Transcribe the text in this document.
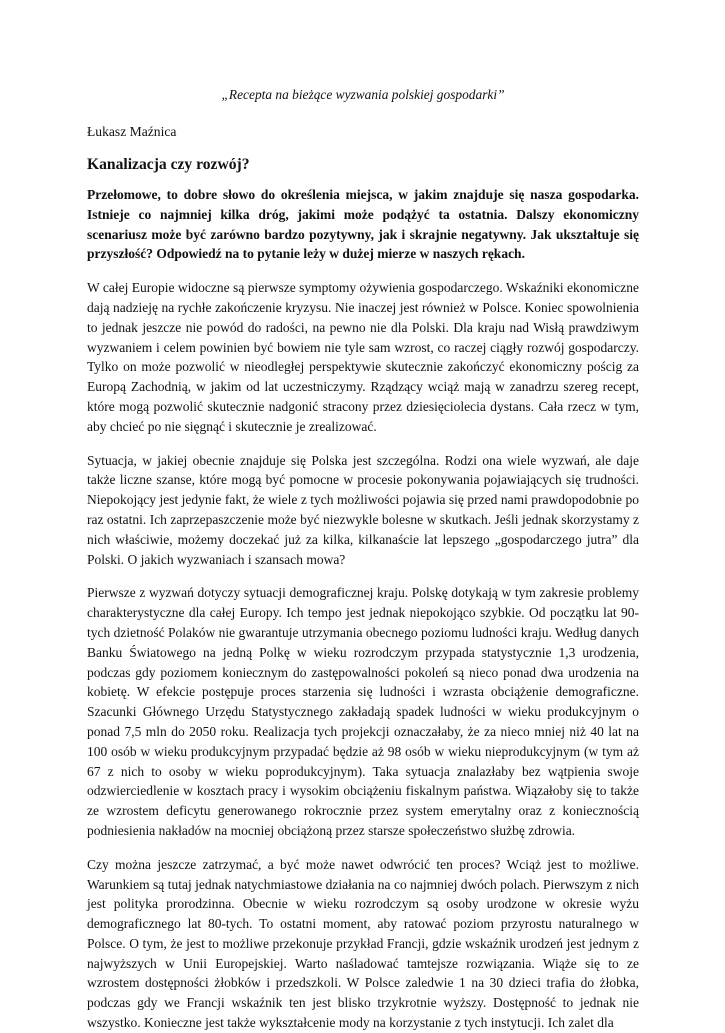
„Recepta na bieżące wyzwania polskiej gospodarki”

Łukasz Maźnica

Kanalizacja czy rozwój?

Przełomowe, to dobre słowo do określenia miejsca, w jakim znajduje się nasza gospodarka. Istnieje co najmniej kilka dróg, jakimi może podążyć ta ostatnia. Dalszy ekonomiczny scenariusz może być zarówno bardzo pozytywny, jak i skrajnie negatywny. Jak ukształtuje się przyszłość? Odpowiedź na to pytanie leży w dużej mierze w naszych rękach.

W całej Europie widoczne są pierwsze symptomy ożywienia gospodarczego. Wskaźniki ekonomiczne dają nadzieję na rychłe zakończenie kryzysu. Nie inaczej jest również w Polsce. Koniec spowolnienia to jednak jeszcze nie powód do radości, na pewno nie dla Polski. Dla kraju nad Wisłą prawdziwym wyzwaniem i celem powinien być bowiem nie tyle sam wzrost, co raczej ciągły rozwój gospodarczy. Tylko on może pozwolić w nieodległej perspektywie skutecznie zakończyć ekonomiczny pościg za Europą Zachodnią, w jakim od lat uczestniczymy. Rządzący wciąż mają w zanadrzu szereg recept, które mogą pozwolić skutecznie nadgonić stracony przez dziesięciolecia dystans. Cała rzecz w tym, aby chcieć po nie sięgnąć i skutecznie je zrealizować.

Sytuacja, w jakiej obecnie znajduje się Polska jest szczególna. Rodzi ona wiele wyzwań, ale daje także liczne szanse, które mogą być pomocne w procesie pokonywania pojawiających się trudności. Niepokojący jest jedynie fakt, że wiele z tych możliwości pojawia się przed nami prawdopodobnie po raz ostatni. Ich zaprzepaszczenie może być niezwykle bolesne w skutkach. Jeśli jednak skorzystamy z nich właściwie, możemy doczekać już za kilka, kilkanaście lat lepszego „gospodarczego jutra” dla Polski. O jakich wyzwaniach i szansach mowa?

Pierwsze z wyzwań dotyczy sytuacji demograficznej kraju. Polskę dotykają w tym zakresie problemy charakterystyczne dla całej Europy. Ich tempo jest jednak niepokojąco szybkie. Od początku lat 90-tych dzietność Polaków nie gwarantuje utrzymania obecnego poziomu ludności kraju. Według danych Banku Światowego na jedną Polkę w wieku rozrodczym przypada statystycznie 1,3 urodzenia, podczas gdy poziomem koniecznym do zastępowalności pokoleń są nieco ponad dwa urodzenia na kobietę. W efekcie postępuje proces starzenia się ludności i wzrasta obciążenie demograficzne. Szacunki Głównego Urzędu Statystycznego zakładają spadek ludności w wieku produkcyjnym o ponad 7,5 mln do 2050 roku. Realizacja tych projekcji oznaczałaby, że za nieco mniej niż 40 lat na 100 osób w wieku produkcyjnym przypadać będzie aż 98 osób w wieku nieprodukcyjnym (w tym aż 67 z nich to osoby w wieku poprodukcyjnym). Taka sytuacja znalazłaby bez wątpienia swoje odzwierciedlenie w kosztach pracy i wysokim obciążeniu fiskalnym państwa. Wiązałoby się to także ze wzrostem deficytu generowanego rokrocznie przez system emerytalny oraz z koniecznością podniesienia nakładów na mocniej obciążoną przez starsze społeczeństwo służbę zdrowia.

Czy można jeszcze zatrzymać, a być może nawet odwrócić ten proces? Wciąż jest to możliwe. Warunkiem są tutaj jednak natychmiastowe działania na co najmniej dwóch polach. Pierwszym z nich jest polityka prorodzinna. Obecnie w wieku rozrodczym są osoby urodzone w okresie wyżu demograficznego lat 80-tych. To ostatni moment, aby ratować poziom przyrostu naturalnego w Polsce. O tym, że jest to możliwe przekonuje przykład Francji, gdzie wskaźnik urodzeń jest jednym z najwyższych w Unii Europejskiej. Warto naśladować tamtejsze rozwiązania. Wiąże się to ze wzrostem dostępności żłobków i przedszkoli. W Polsce zaledwie 1 na 30 dzieci trafia do żłobka, podczas gdy we Francji wskaźnik ten jest blisko trzykrotnie wyższy. Dostępność to jednak nie wszystko. Konieczne jest także wykształcenie mody na korzystanie z tych instytucji. Ich zalet dla
